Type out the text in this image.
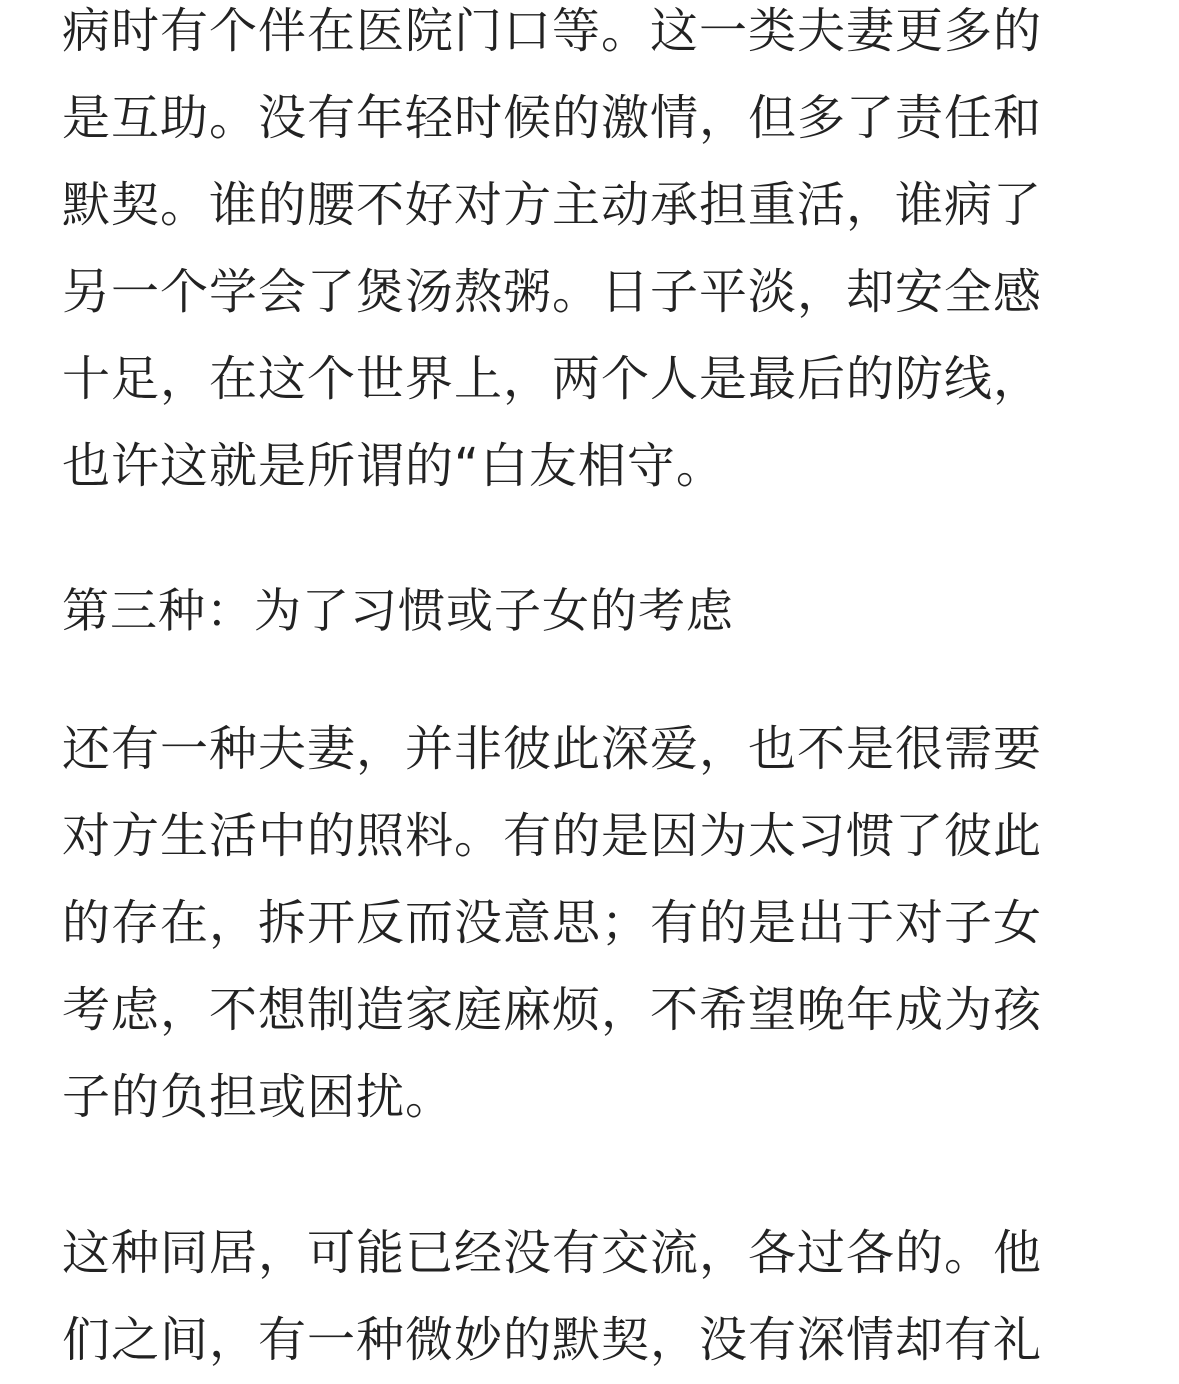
病时有个伴在医院门口等。这一类夫妻更多的
是互助。没有年轻时候的激情，但多了责任和
默契。谁的腰不好对方主动承担重活，谁病了
另一个学会了煲汤熬粥。日子平淡，却安全感
十足，在这个世界上，两个人是最后的防线，
也许这就是所谓的“白友相守。
第三种：为了习惯或子女的考虑
还有一种夫妻，并非彼此深爱，也不是很需要
对方生活中的照料。有的是因为太习惯了彼此
的存在，拆开反而没意思；有的是出于对子女
考虑，不想制造家庭麻烦，不希望晚年成为孩
子的负担或困扰。
这种同居，可能已经没有交流，各过各的。他
们之间，有一种微妙的默契，没有深情却有礼
